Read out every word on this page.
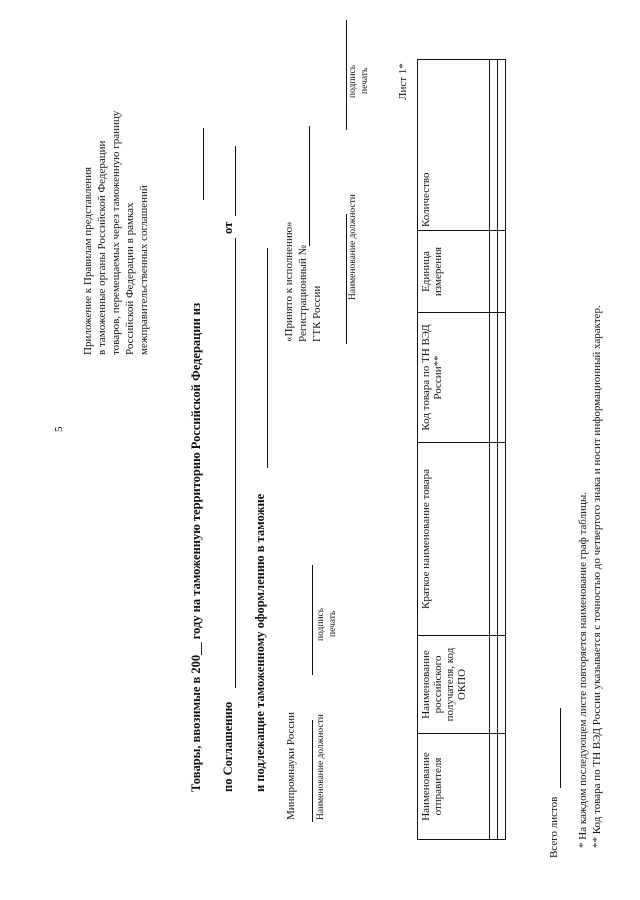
5
Приложение к Правилам представления в таможенные органы Российской Федерации товаров, перемещаемых через таможенную границу Российской Федерации в рамках межправительственных соглашений
Товары, ввозимые в 200__ году на таможенную территорию Российской Федерации из по Соглашению
от
и подлежащие таможенному оформлению в таможне Минпромнауки России Наименование должности
подпись печать
«Принято к исполнению» Регистрационный № ГТК России
Наименование должности
подпись печать Лист 1*
Наименование отправителя	Наименование российского получателя, код ОКПО	Краткое наименование товара	Код товара по ТН ВЭД России**	Единица измерения	Количество

Всего листов * На каждом последующем листе повторяется наименование граф таблицы. ** Код товара по ТН ВЭД России указывается с точностью до четвертого знака и носит информационный характер.
